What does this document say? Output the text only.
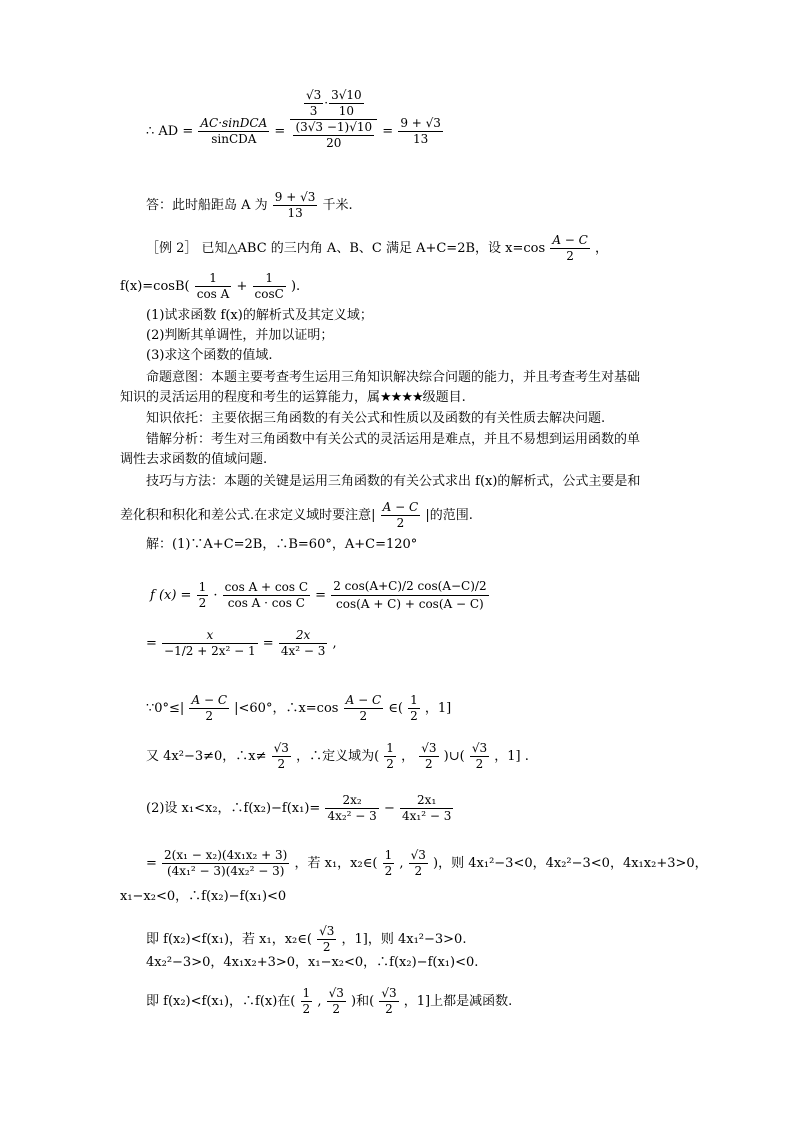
∴ AD = $\frac{\text{AC·sinDCA}}{\text{sinCDA}} = \frac{\frac{√3}{3} \cdot \frac{3√10}{10}}{\frac{(3√3 -1)√10}{20}} = \frac{9 + √3}{13}$
答：此时船距岛 A 为 $\frac{9 + √3}{13}$ 千米.
［例 2］ 已知△ABC 的三内角 A、B、C 满足 A+C=2B，设 $x=\cos \frac{A - C}{2}$ ，
$f(x)=\cos B( \frac{1}{\text{cos A}} + \frac{1}{\cos C}$ ).
(1)试求函数 f(x)的解析式及其定义域；
(2)判断其单调性，并加以证明；
(3)求这个函数的值域.
命题意图：本题主要考查考生运用三角知识解决综合问题的能力，并且考查考生对基础
知识的灵活运用的程度和考生的运算能力，属★★★★级题目.
知识依托：主要依据三角函数的有关公式和性质以及函数的有关性质去解决问题.
错解分析：考生对三角函数中有关公式的灵活运用是难点，并且不易想到运用函数的单
调性去求函数的值域问题.
技巧与方法：本题的关键是运用三角函数的有关公式求出 f(x)的解析式，公式主要是和
差化积和积化和差公式.在求定义域时要注意| $\frac{A - C}{2}$ |的范围.
解：(1)∵A+C=2B，∴B=60°，A+C=120°
f $(x) = \frac{1}{2} \cdot \frac{\text{cos A + cos C}}{\text{cos A · cos C}} = \frac{2 \cos(A+C)/2 \cos(A-C)/2}{\cos(A + C) + \cos(A - C)}$
= $\frac{x}{\text{−1/2 + 2x² − 1}} = \frac{2x}{\text{4x² − 3}}$ ,
∵0°≤| $\frac{A - C}{2} |<60^\circ$，∴x=cos $\frac{A - C}{2}$ ∈( $\frac{1}{2}$ ，1]
又 4x²−3≠0，∴x≠ $\frac{√3}{2}$ ，∴定义域为( $\frac{1}{2}$ ， $\frac{√3}{2}$ )∪( $\frac{√3}{2}$ ，1] .
(2)设 x₁<x₂，∴f(x₂)−f(x₁)= $\frac{\text{2x₂}}{\text{4x₂² − 3}} - \frac{\text{2x₁}}{\text{4x₁² − 3}}$
= $\frac{\text{2(x₁ − x₂)(4x₁x₂ + 3)}}{\text{(4x₁² − 3)(4x₂² − 3)}}$ ，若 x₁，x₂∈( $\frac{1}{2}$ , $\frac{√3}{2}$ )，则 4x₁²−3<0，4x₂²−3<0，4x₁x₂+3>0，
x₁−x₂<0，∴f(x₂)−f(x₁)<0
即 f(x₂)<f(x₁)，若 x₁，x₂∈( $\frac{√3}{2}$ ，1]，则 4x₁²−3>0.
4x₂²−3>0，4x₁x₂+3>0，x₁−x₂<0，∴f(x₂)−f(x₁)<0.
即 f(x₂)<f(x₁)，∴f(x)在( $\frac{1}{2}$ , $\frac{√3}{2}$ )和( $\frac{√3}{2}$ ，1]上都是减函数.
